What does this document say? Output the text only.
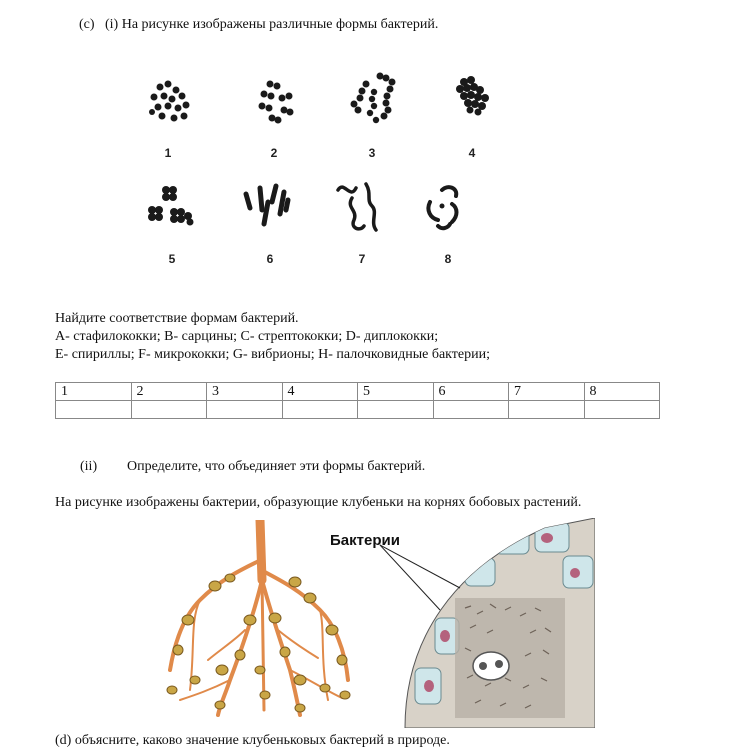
(c) (i) На рисунке изображены различные формы бактерий.
1	2	3	4
5	6	7	8
Найдите соответствие формам бактерий.
A- стафилококки; B- сарцины; C- стрептококки; D- диплококки;
E- спириллы; F- микрококки; G- вибрионы; H- палочковидные бактерии;
1	2	3	4	5	6	7	8

(ii) Определите, что объединяет эти формы бактерий.
На рисунке изображены бактерии, образующие клубеньки на корнях бобовых растений.
Бактерии
(d) объясните, каково значение клубеньковых бактерий в природе.
